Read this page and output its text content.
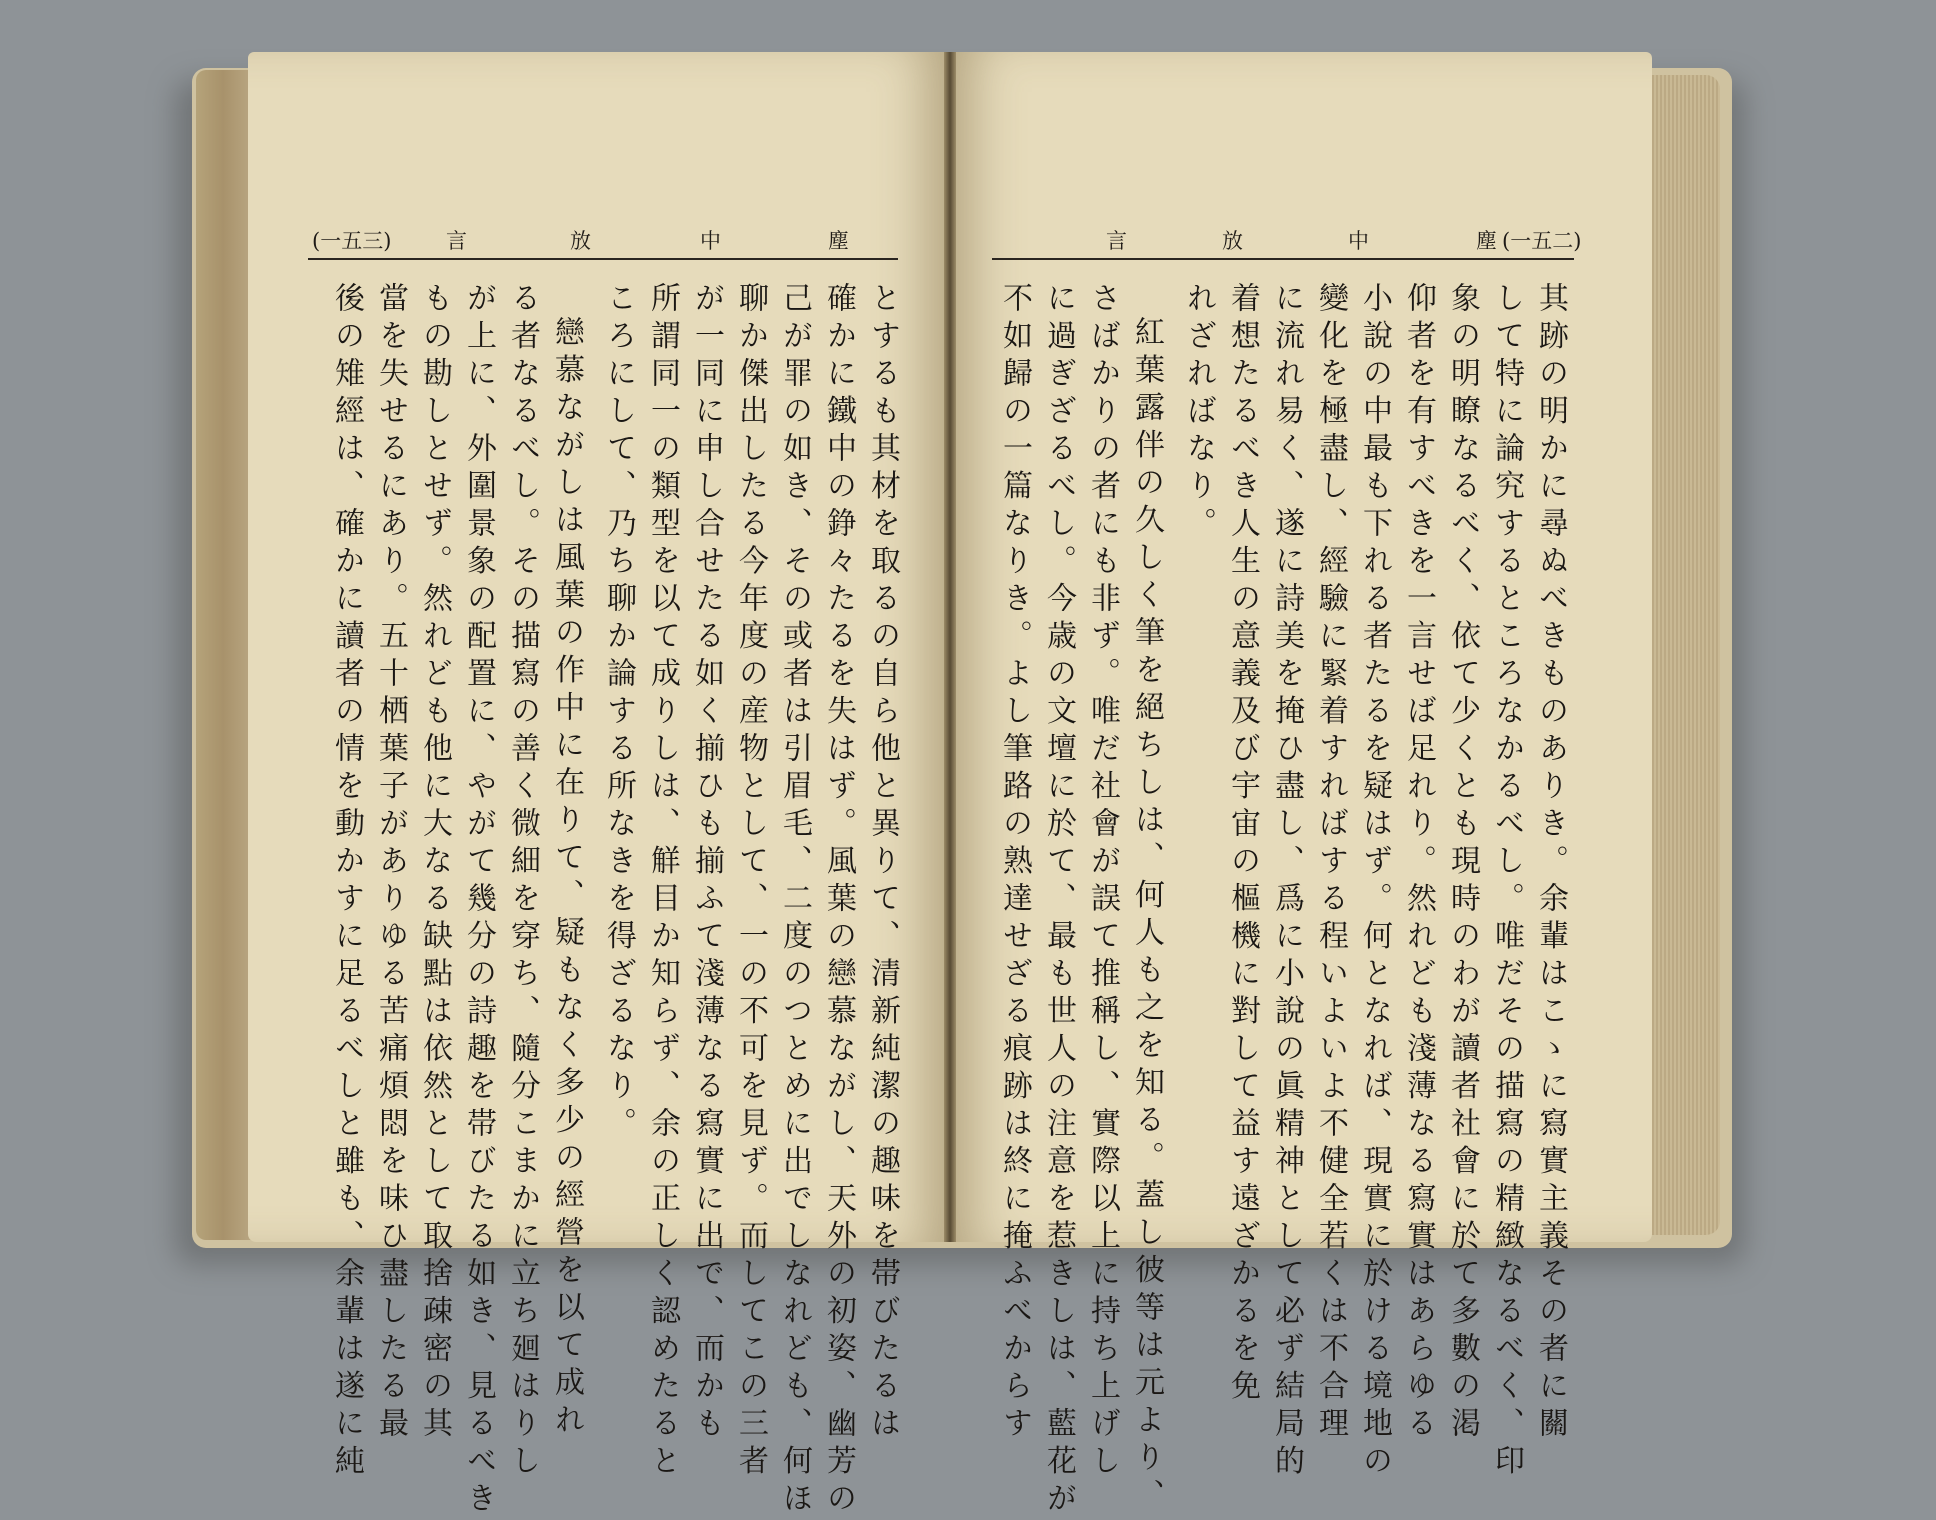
(一五三)	言	放	中	塵	言	放	中	塵 (一五二)
とするも其材を取るの自ら他と異りて、清新純潔の趣味を帯びたるは
確かに鐵中の錚々たるを失はず。風葉の戀慕ながし、天外の初姿、幽芳の
己が罪の如き、その或者は引眉毛、二度のつとめに出でしなれども、何ほ
聊か傑出したる今年度の産物として、一の不可を見ず。而してこの三者
が一同に申し合せたる如く揃ひも揃ふて淺薄なる寫實に出で、而かも
所謂同一の類型を以て成りしは、觧目か知らず、余の正しく認めたると
ころにして、乃ち聊か論する所なきを得ざるなり。
戀慕ながしは風葉の作中に在りて、疑もなく多少の經營を以て成れ
る者なるべし。その描寫の善く微細を穿ち、隨分こまかに立ち廻はりし
が上に、外圍景象の配置に、やがて幾分の詩趣を帯びたる如き、見るべき
もの勘しとせず。然れども他に大なる缺點は依然として取捨疎密の其
當を失せるにあり。五十栖葉子がありゆる苦痛煩悶を味ひ盡したる最
後の雉經は、確かに讀者の情を動かすに足るべしと雖も、余輩は遂に純	其跡の明かに尋ぬべきものありき。余輩はこゝに寫實主義その者に關
して特に論究するところなかるべし。唯だその描寫の精緻なるべく、印
象の明瞭なるべく、依て少くとも現時のわが讀者社會に於て多數の渇
仰者を有すべきを一言せば足れり。然れども淺薄なる寫實はあらゆる
小說の中最も下れる者たるを疑はず。何となれば、現實に於ける境地の
變化を極盡し、經驗に緊着すればする程いよいよ不健全若くは不合理
に流れ易く、遂に詩美を掩ひ盡し、爲に小說の眞精神として必ず結局的
着想たるべき人生の意義及び宇宙の樞機に對して益す遠ざかるを免
れざればなり。
紅葉露伴の久しく筆を絕ちしは、何人も之を知る。蓋し彼等は元より、
さばかりの者にも非ず。唯だ社會が誤て推稱し、實際以上に持ち上げし
に過ぎざるべし。今歳の文壇に於て、最も世人の注意を惹きしは、藍花が
不如歸の一篇なりき。よし筆路の熟達せざる痕跡は終に掩ふべからす
